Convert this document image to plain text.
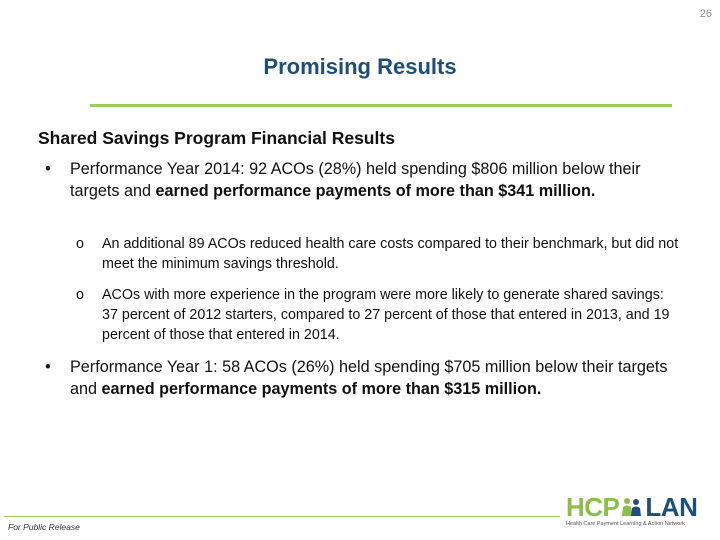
26
Promising Results
Shared Savings Program Financial Results
•	Performance Year 2014: 92 ACOs (28%) held spending $806 million below their targets and earned performance payments of more than $341 million.
o An additional 89 ACOs reduced health care costs compared to their benchmark, but did not meet the minimum savings threshold.
o ACOs with more experience in the program were more likely to generate shared savings: 37 percent of 2012 starters, compared to 27 percent of those that entered in 2013, and 19 percent of those that entered in 2014.
•	Performance Year 1: 58 ACOs (26%) held spending $705 million below their targets and earned performance payments of more than $315 million.
For Public Release
HCP LAN
Health Care Payment Learning & Action Network
